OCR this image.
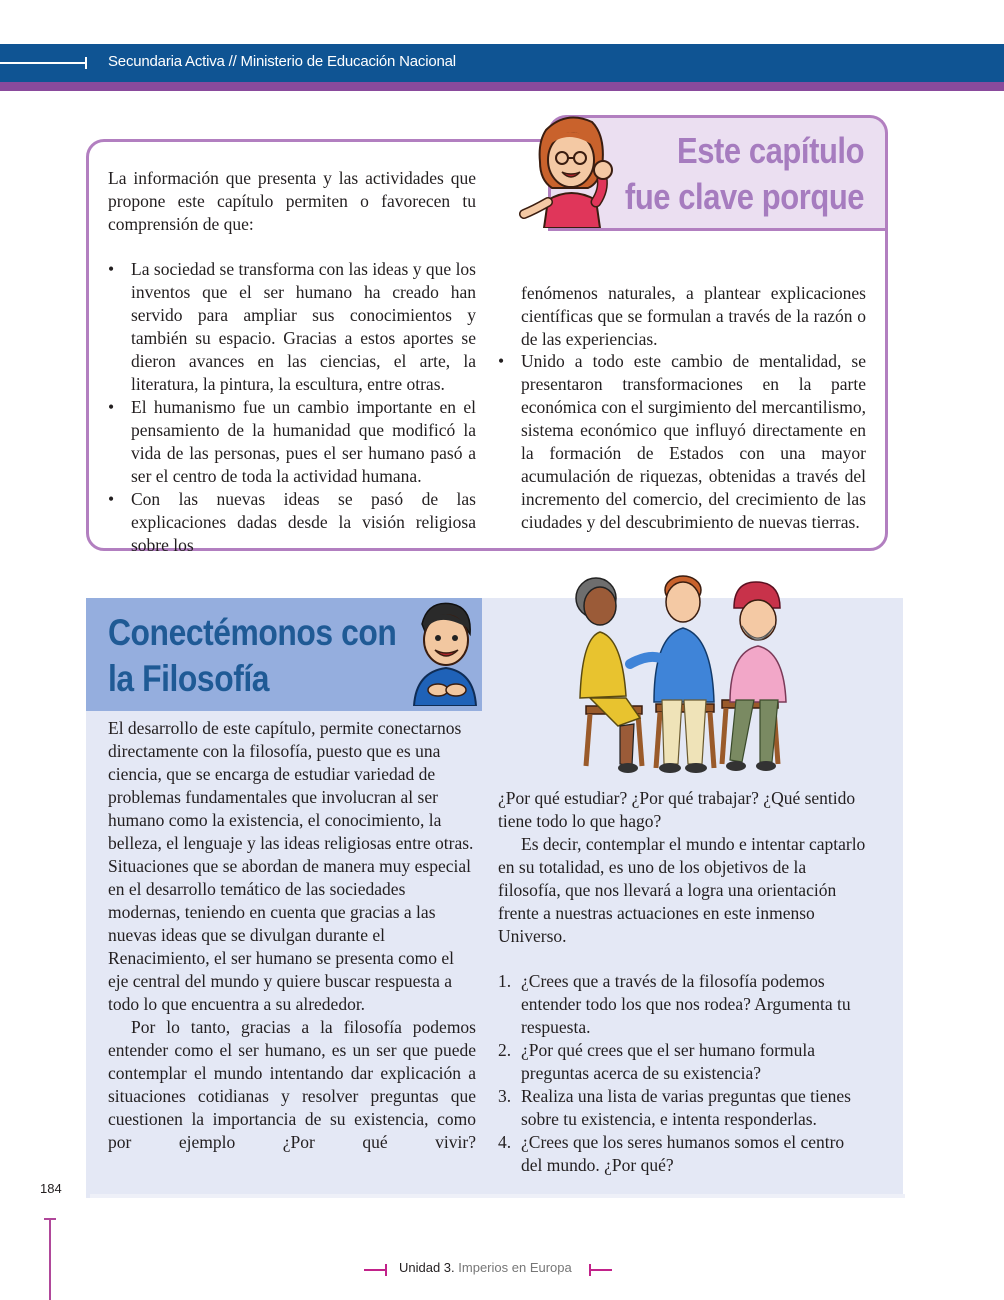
Secundaria Activa // Ministerio de Educación Nacional
Este capítulo
fue clave porque
La información que presenta y las actividades que propone este capítulo permiten o favorecen tu comprensión de que:
• La sociedad se transforma con las ideas y que los inventos que el ser humano ha creado han servido para ampliar sus conocimientos y también su espacio. Gracias a estos aportes se dieron avances en las ciencias, el arte, la literatura, la pintura, la escultura, entre otras.
• El humanismo fue un cambio importante en el pensamiento de la humanidad que modificó la vida de las personas, pues el ser humano pasó a ser el centro de toda la actividad humana.
• Con las nuevas ideas se pasó de las explicaciones dadas desde la visión religiosa sobre los
fenómenos naturales, a plantear explicaciones científicas que se formulan a través de la razón o de las experiencias.
• Unido a todo este cambio de mentalidad, se presentaron transformaciones en la parte económica con el surgimiento del mercantilismo, sistema económico que influyó directamente en la formación de Estados con una mayor acumulación de riquezas, obtenidas a través del incremento del comercio, del crecimiento de las ciudades y del descubrimiento de nuevas tierras.
Conectémonos con
la Filosofía

El desarrollo de este capítulo, permite conectarnos directamente con la filosofía, puesto que es una ciencia, que se encarga de estudiar variedad de problemas fundamentales que involucran al ser humano como la existencia, el conocimiento, la belleza, el lenguaje y las ideas religiosas entre otras. Situaciones que se abordan de manera muy especial en el desarrollo temático de las sociedades modernas, teniendo en cuenta que gracias a las nuevas ideas que se divulgan durante el Renacimiento, el ser humano se presenta como el eje central del mundo y quiere buscar respuesta a todo lo que encuentra a su alrededor.

Por lo tanto, gracias a la filosofía podemos entender como el ser humano, es un ser que puede contemplar el mundo intentando dar explicación a situaciones cotidianas y resolver preguntas que cuestionen la importancia de su existencia, como por ejemplo ¿Por qué vivir?

¿Por qué estudiar? ¿Por qué trabajar? ¿Qué sentido tiene todo lo que hago?

Es decir, contemplar el mundo e intentar captarlo en su totalidad, es uno de los objetivos de la filosofía, que nos llevará a logra una orientación frente a nuestras actuaciones en este inmenso Universo.

1. ¿Crees que a través de la filosofía podemos entender todo los que nos rodea? Argumenta tu respuesta.
2. ¿Por qué crees que el ser humano formula preguntas acerca de su existencia?
3. Realiza una lista de varias preguntas que tienes sobre tu existencia, e intenta responderlas.
4. ¿Crees que los seres humanos somos el centro del mundo. ¿Por qué?
184
Unidad 3. Imperios en Europa
